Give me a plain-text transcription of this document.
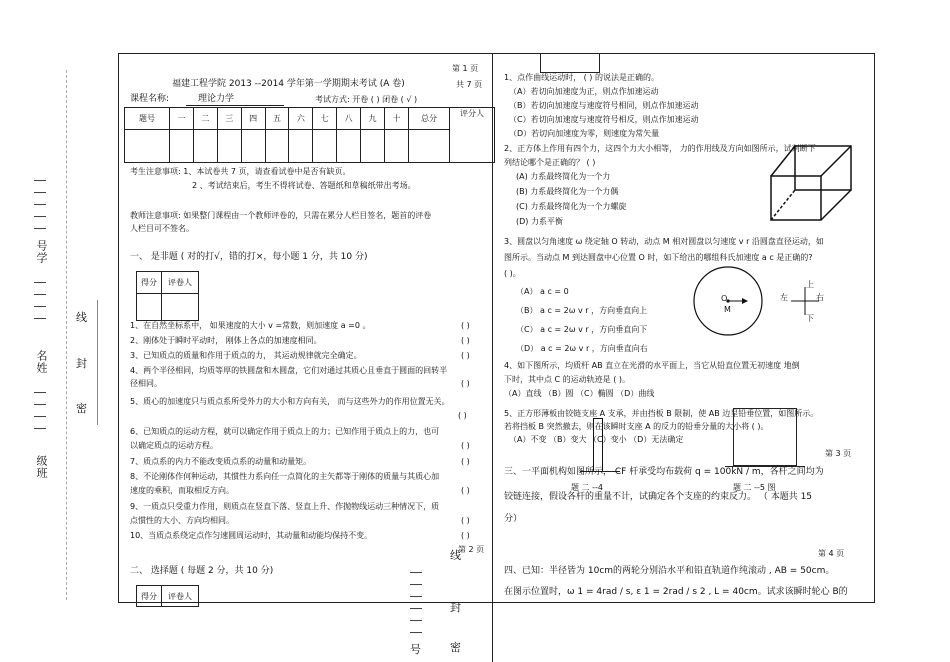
号学
名姓
级班
线
封
密
第 1 页
共 7 页
福建工程学院 2013 --2014 学年第一学期期末考试 (A 卷)
课程名称:	理论力学	考试方式: 开卷 ( ) 闭卷 ( √ )
题号	一	二	三	四	五	六	七	八	九	十	总分	评分人

考生注意事项: 1、本试卷共 7 页，请查看试卷中是否有缺页。
2 、考试结束后，考生不得将试卷、答题纸和草稿纸带出考场。
教师注意事项: 如果整门课程由一个教师评卷的，只需在累分人栏目签名，题首的评卷
人栏目可不签名。
一、 是非题 ( 对的打√，错的打×，每小题 1 分，共 10 分)
得分	评卷人

1、在自然坐标系中， 如果速度的大小 v =常数，则加速度 a =0 。	( )
2、刚体处于瞬时平动时， 刚体上各点的加速度相同。	( )
3、已知质点的质量和作用于质点的力， 其运动规律就完全确定。	( )
4、两个半径相同，均质等厚的铁圆盘和木圆盘，它们对通过其质心且垂直于圆面的回转半
径相同。	( )
5、质心的加速度只与质点系所受外力的大小和方向有关， 而与这些外力的作用位置无关。
( )
6、已知质点的运动方程，就可以确定作用于质点上的力；已知作用于质点上的力，也可
以确定质点的运动方程。	( )
7、质点系的内力不能改变质点系的动量和动量矩。	( )
8、不论刚体作何种运动，其惯性力系向任一点简化的主矢都等于刚体的质量与其质心加
速度的乘积，而取相反方向。	( )
9、一质点只受重力作用，则质点在竖直下落、竖直上升、作抛物线运动三种情况下，质
点惯性的大小、方向均相同。	( )
10、当质点系绕定点作匀速圆周运动时，其动量和动能均保持不变。	( )
二、 选择题 ( 每题 2 分，共 10 分)
得分	评卷人
第 2 页
线
封
密
号
1、点作曲线运动时， ( ) 的说法是正确的。
（A）若切向加速度为正，则点作加速运动
（B）若切向加速度与速度符号相同，则点作加速运动
（C）若切向加速度与速度符号相反，则点作加速运动
（D）若切向加速度为零，则速度为常矢量
2、正方体上作用有四个力，这四个力大小相等， 力的作用线及方向如图所示，试判断下
列结论哪个是正确的？ ( )
(A) 力系最终简化为一个力
(B) 力系最终简化为一个力偶
(C) 力系最终简化为一个力螺旋
(D) 力系平衡
3、圆盘以匀角速度 ω 绕定轴 O 转动，动点 M 相对圆盘以匀速度 v r 沿圆盘直径运动，如
图所示。当动点 M 到达圆盘中心位置 O 时，如下给出的哪组科氏加速度 a c 是正确的?
( )。
（A） a c = 0
（B） a c = 2ω v r ，方向垂直向上
（C） a c = 2ω v r ，方向垂直向下
（D） a c = 2ω v r ，方向垂直向右
O
M
左	右
上
下
4、如下图所示，均质杆 AB 直立在光滑的水平面上，当它从铅直位置无初速度 地倒
下时，其中点 C 的运动轨迹是 ( )。
（A）直线 （B）圆 （C）椭圆 （D）曲线
5、正方形薄板由铰链支座 A 支承，并由挡板 B 限制，使 AB 边呈铅垂位置，如图所示。
若将挡板 B 突然撤去，则在该瞬时支座 A 的反力的铅垂分量的大小将 ( )。
（A）不变 （B）变大 （C）变小 （D）无法确定
题 二 --4	题 二 --5 图
第 3 页
三、一平面机构如图所示， CF 杆承受均布载荷 q = 100kN / m，各杆之间均为
铰链连接，假设各杆的重量不计，试确定各个支座的约束反力。 （ 本题共 15
分）
第 4 页
四、已知：半径皆为 10cm的两轮分别沿水平和铅直轨道作纯滚动 , AB = 50cm。
在图示位置时，ω 1 = 4rad / s, ε 1 = 2rad / s 2 , L = 40cm。试求该瞬时轮心 B的
